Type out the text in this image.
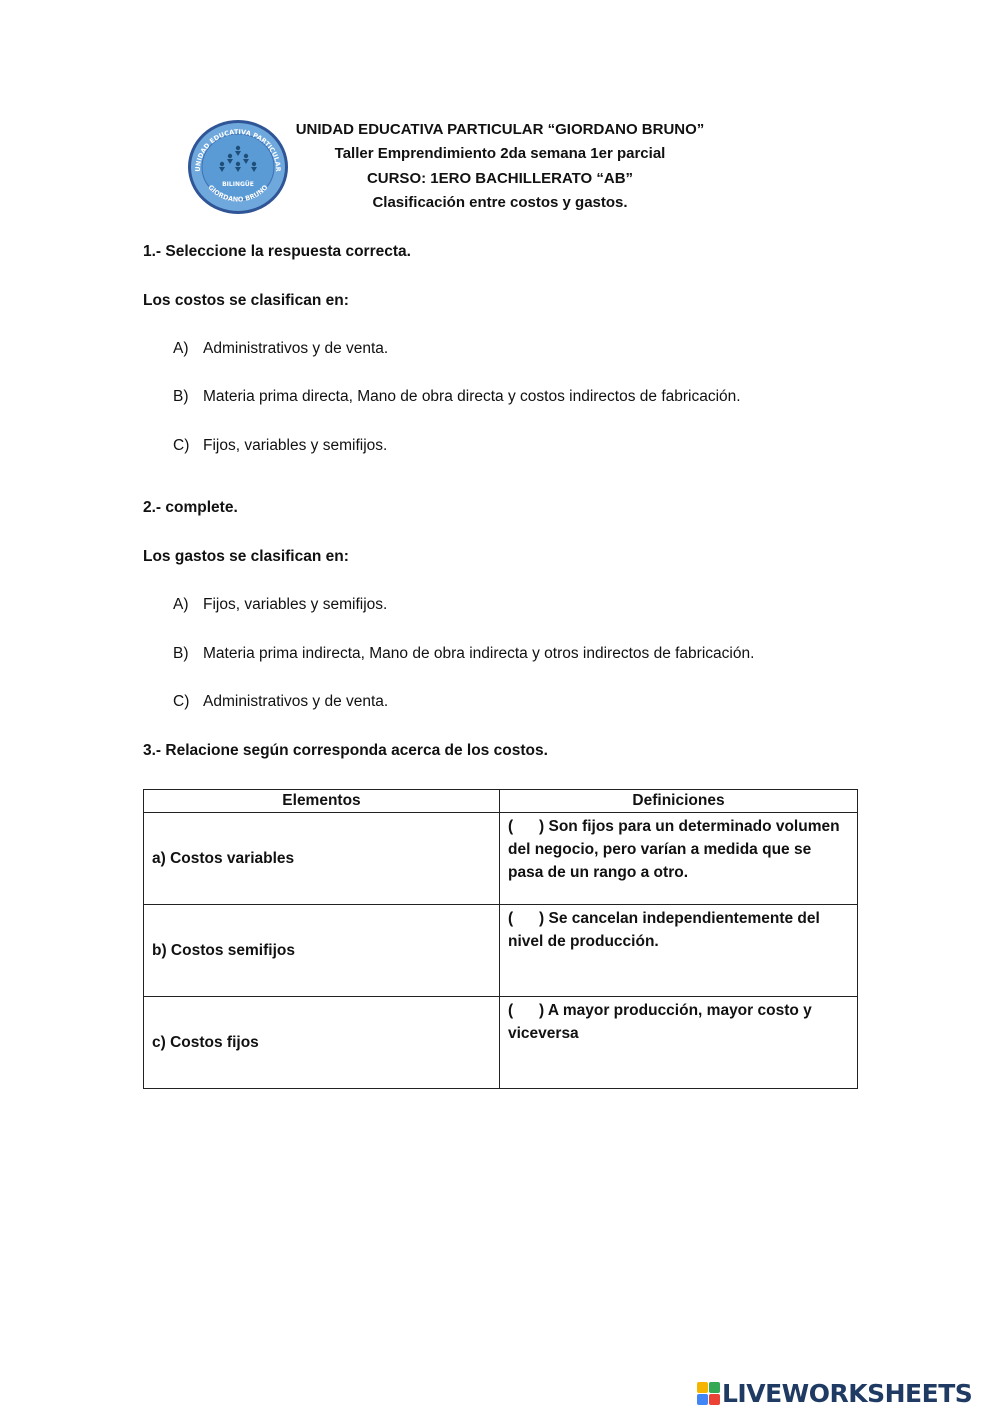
UNIDAD EDUCATIVA PARTICULAR
BILINGÜE
GIORDANO BRUNO
UNIDAD EDUCATIVA PARTICULAR “GIORDANO BRUNO”
Taller Emprendimiento 2da semana 1er parcial
CURSO: 1ERO BACHILLERATO “AB”
Clasificación entre costos y gastos.
1.- Seleccione la respuesta correcta.
Los costos se clasifican en:
A) Administrativos y de venta.
B) Materia prima directa, Mano de obra directa y costos indirectos de fabricación.
C) Fijos, variables y semifijos.
2.- complete.
Los gastos se clasifican en:
A) Fijos, variables y semifijos.
B) Materia prima indirecta, Mano de obra indirecta y otros indirectos de fabricación.
C) Administrativos y de venta.
3.- Relacione según corresponda acerca de los costos.
Elementos	Definiciones
a) Costos variables	(      ) Son fijos para un determinado volumen del negocio, pero varían a medida que se pasa de un rango a otro.
b) Costos semifijos	(      ) Se cancelan independientemente del nivel de producción.
c) Costos fijos	(      ) A mayor producción, mayor costo y viceversa
LIVEWORKSHEETS
